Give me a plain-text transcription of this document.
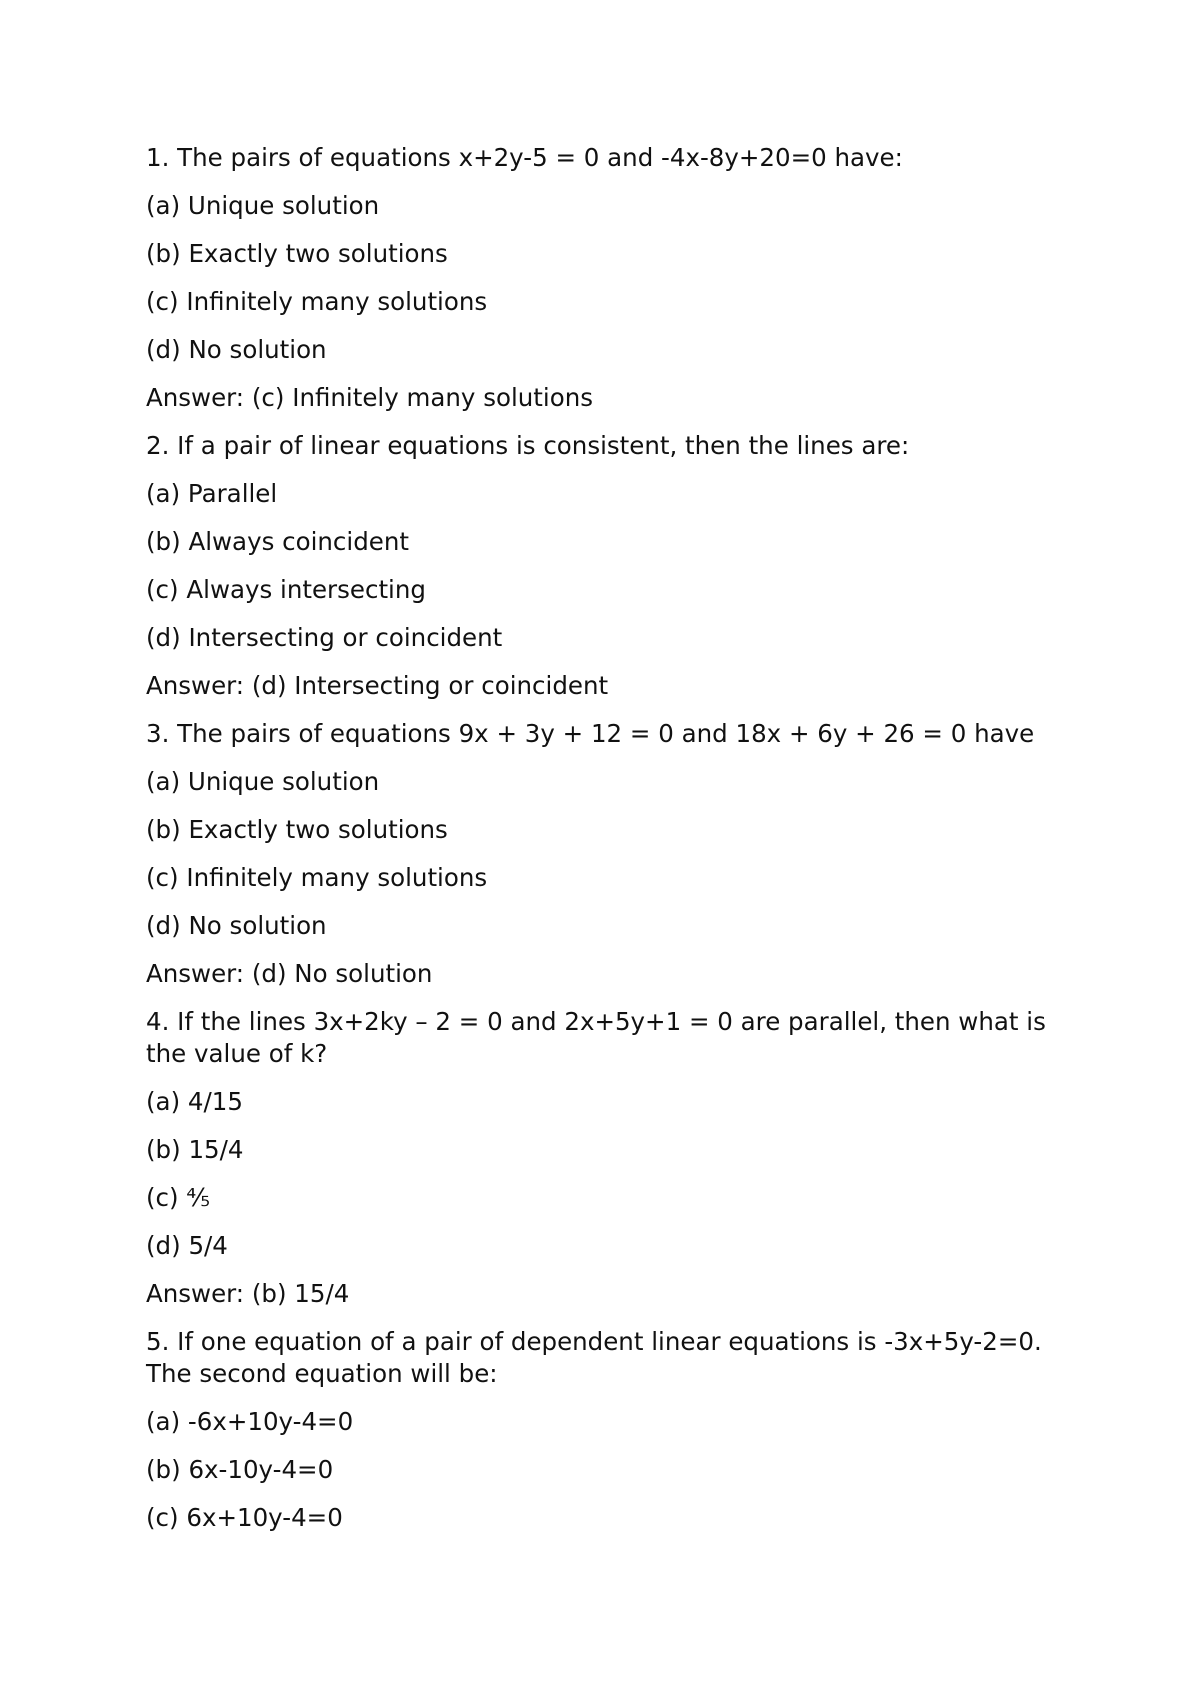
1. The pairs of equations x+2y-5 = 0 and -4x-8y+20=0 have:
(a) Unique solution
(b) Exactly two solutions
(c) Infinitely many solutions
(d) No solution
Answer: (c) Infinitely many solutions
2. If a pair of linear equations is consistent, then the lines are:
(a) Parallel
(b) Always coincident
(c) Always intersecting
(d) Intersecting or coincident
Answer: (d) Intersecting or coincident
3. The pairs of equations 9x + 3y + 12 = 0 and 18x + 6y + 26 = 0 have
(a) Unique solution
(b) Exactly two solutions
(c) Infinitely many solutions
(d) No solution
Answer: (d) No solution
4. If the lines 3x+2ky – 2 = 0 and 2x+5y+1 = 0 are parallel, then what is the value of k?
(a) 4/15
(b) 15/4
(c) ⅘
(d) 5/4
Answer: (b) 15/4
5. If one equation of a pair of dependent linear equations is -3x+5y-2=0. The second equation will be:
(a) -6x+10y-4=0
(b) 6x-10y-4=0
(c) 6x+10y-4=0
